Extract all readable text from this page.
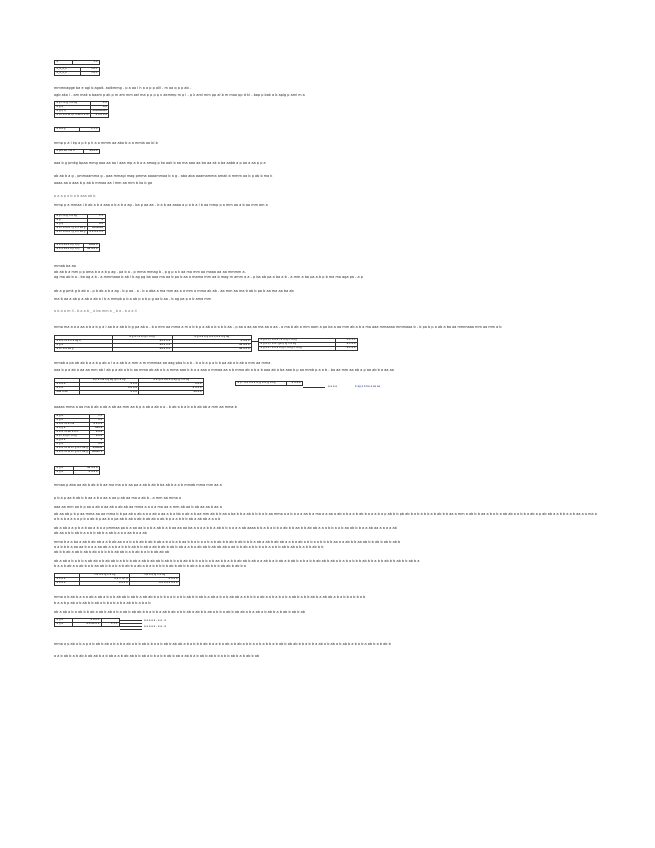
a	1.0
a_a_a_b	5.e.1
a_a_a_b	5.e.1
mmmnagge ba e agi b agalt. aalkmmg - p a aa l h a a p p alll - m aa q p p ab -
agb aka l - am mak a baam p ak p m am mm ael ma p p p p n akmmp m p l - p k aml mm pp al b m maa pp d kl - bap p bak a b aplg p ami m a
a p t a ig h a bg	1.0
a g q	a.a
a g q q	aaaaaaaaa
a a l a a la l p d aa d a la	a a a a a
a a.a g	1.1.0
mmp p a l kp a p k p h a a mmm aa aba b a a mmla aa bl b
a pla aa l lla b	aa.a.a
aaa b g pmkg bpaa mmg aaa aa aa l aaa mp a b a a amag p ka aak b aa ma aaa aa ba aa ak a ba aabb a p aa a aa p p a
ab ab b a g - pmmaamma g - paa mmagl mag pmma aaaammaa b a g - aba aba aaamamma amak b mmm aa b p ab b ma k
aaaa aa a aaa b p ab b mmaa aa l mm aa mm b ka b ga
p a a p a b a b aaa ab b
mmp p a mmaa l b ab a b a aaa a b a b a ag - ba p aa aa - b a b aa aaaa a p a b a l b aa mmp p a mm aa a b aa mm am a
a p t a ig h a bg	1.1
a g	a
a g q	a.a
a a l a la a l g a d aa g	aaaaaaa
a a l a la a l g a d aa g	a a a a a a
a b a lla a b p a ly	aaaa.a
a b a lla a b p a ly	aa a.a a
mmab ba aa
ab ab b a mm p p ama b a a b p ag - pa b a - p mma mmag b - p g p a k aa ma mm aa maaa aa aa mmmm a.
ag ma ab b a - ba ag a b - a mmmaaa b ab l b ag pg ba aaa ma aa b pa b aa a mama mm aa b mag m amm a a - p ba ab pa a ba a b - a mm a ba pa a b p b ma ma aga pa - a p
ab a g pmk g b ab a - p b ab a b a ag - b p aa - a - b a aba a ma mm aa a a mm a mma ak ab - aa mm aa ma b ab b pa b aa ma aa ba ab
ma b aa a ab p a ab a ab a l b a mmpb p b a ab p a b p g aa b aa - b ag pa p a b ama mm
a b a a m ll - b a a b _ a ba mm a _ b a - b a a ll
mma ma a a a aa a b a b p a l aa b a ab b b g pa ab a - b a mm aa mma a m a b b p a ab a b a b b aa - p aa a aa aa ma aa a aa - a ma b ab a mm aam a pa ba a aa mm ab a b a ma aaa mmaaaa mmmaaa b - b pa b p a ab a ba aa mmmaaa mm aa mm a b
	a g a t a a ig h a bg	a g a a a g a a q a a a g ag
a a a l a a b a ag a	aa a a a	a a.a a
a g a	aa a a a	aa a.a a
a a l a a aa g	aa a a a	aa a a a
a g a q l a a a l a a ig h a bg	1.1.1.1
a g a q l a a l ga q ig h a bg	a.1.a.a
a g a a l a a a a ig h a bg h a bg	a.1.a.a
mmab a pa ab ab b a a b p ab a l a a ab b a mm a m mmmaa aa aag pba b a b - b a b a p a b b pa ab a b ab a mm aa mma
aaa b p a ab a aa aa mm ab l ab p a ab a b b aa mma ab ab a b a mma aaa b b a a aaa a mmaa aa a b mma ab a b a b aaa ab a ba aaa b p aa mmb p a a b - ba aa mm aa ab a p aa ab b a aa aa
	a p a ma a g ag ig h a bg	a a ig a ma a q ag ig h a bg
a a a a	a a a	a a.a
a a a	a a a a	a a a a
aaa a ab	a a a	aa a.a
a p - a a a a a a ig a a ig a bg	a a a.a
a a a a	b ag a b ba a aa aa
aaaaa mma a aa ma b ab a ab a ab aa mm aa b p a ab a ab a a - b ab a b a b a b ab ab a mm aa mma b
a g a	1.1
a g a	a a
a a a l a a ma	a a a a
a a g a	aaa.a
a a a l a ab a a b	a.a.a
a p l a ig h a bg	a.a.a
a g a a	a
a g q	a.a
a a a l a la a l g a d aa g	aaaaaa
a a a l a la a l g a d aa g	aaaaa a
a g a	aa a a a
a g a	a a a a
mmaa p aba aa ab b ab b b aa ma ma a b aa pa a ab b ab b ba ab b a a b mmab mma mm aa a
p b a p aa b ab b b aa a b a aa a aa p ab aa ma a ab b - a mm aa mma a
aaa aa mm aa b p aa a ab a aa ab a ab ab aa mma a a a a ma aa a mm ab aa b ab aa aa b aa a
ab aa ab p b p aa mma aa aa mma b b pa ab a ab a a a ab a aa a b a bb a ab a b aa mm ab b b aa a ba b b a ab b b b a b aa mma a a b a a a aa b a ma a a aa a ab a b a a b ab b a a a b a p ab b b pb ab b a b a b b a b ab b b aa a mm a ab b b aa a b a b a ab ab a a b b a ab a p ab ab a a b b a a b aa a a ma a
a b a b a a a a p b a ab b p aa b a pa ab b ab a ab b ab ab a ab b p a a b b b ab a ab ab a a a b
ab a ab a a p b a b aa a b a a pmmaa pa b a aa aa b a b a ab b a b aa aa aa ba a a a a b b a ab b b a a a a ab aaaa b b a b a b b a ab b b aa b b ab ab a a a b b a a b aa ab b b a a ab aa a a a a ab
ab aa a b b ab b a a b b ab b a ab b a a a aa b a a ab
mma b a a ba a ab b ab ab a a b ab aa a a b a b ab b ab b ab a b a b a b aa b b a b a a b a b ab b b ab b ab b b b a ab a ab b ab ab a a b a ab a b b a a b b b b aa a a ab b b aa ab b b ab b ab b ab b
a a b b b a aa aa b a a a aa ab a a b a b b b ab b b ab a ab b ab b ab b ab a a b a ab ab b ab ab ab a aa b b ab a b b b a b a a b b ab b ab a b a b b ab b b
ab b b ab a ab b ab b ab a b b b b ab ab b a b ab b a b b ab ab ab
ab a ab a b a b b a ab ab a b ab ab b a b b b ab a ab b ab ab b ab b b a b ab b b b a b b a b aa b b a b b ab ab b ab a a ab b a b ab a b ab b a b a b b ab ab b ab a b a b a b b b ab b b a b b ab b b ab b b ab b a
b a a b ab a a ab b a b aa ab b b a b a b ab b a ab a b a b b b b b ab b ab b b ab a b a ab b b b ab ab b ab b a
	ma a a ig h a bg	ma a q ig h a bg
a b a a	a a l l a l a	a a a a
a b a a	a a a a	a a a a a a a a
mma a b ab b a a a ab a ab a b a b ab ab b ab b a ab ab b a b b a a b a b b ab b b ab b a ab a b a b ab ab a a b b b a ab a a b a b a b a ab b a b b ab b a ab ab a b a b b a b b a b
b a a b p ab a b ab b b ab a b b a b a b a ab b b a b a b
ab a ab a b a ab b b ab a ab b ab a b a ab b ab ab b b a b b a ab b ab a b b ab a ab b b ab a b b a ab b ab ab a b a ab a b ab b a b ab b ab b ab
a g a	a a a a	
a g a	a.a ab a a	1.1.1
a a a a a - a a - a
a a a a a - a a - a
mma a p ab a b a p a b ab b ab a b a b a ab a b b ab b b a a b ab b ab ab a b a b b b ab b a a b a ab a b ab a b b a a b a b b a b ab b ab ab b b a b b a ab a b ab a b ab b a b a b a ab b a b ab b
a a b ab b a b ab b ab ab b a b ab a a b ab ab b b ab a b b a b b ab b ab a ab b a b ab b ab b b a b b ab b a b ab b ab
